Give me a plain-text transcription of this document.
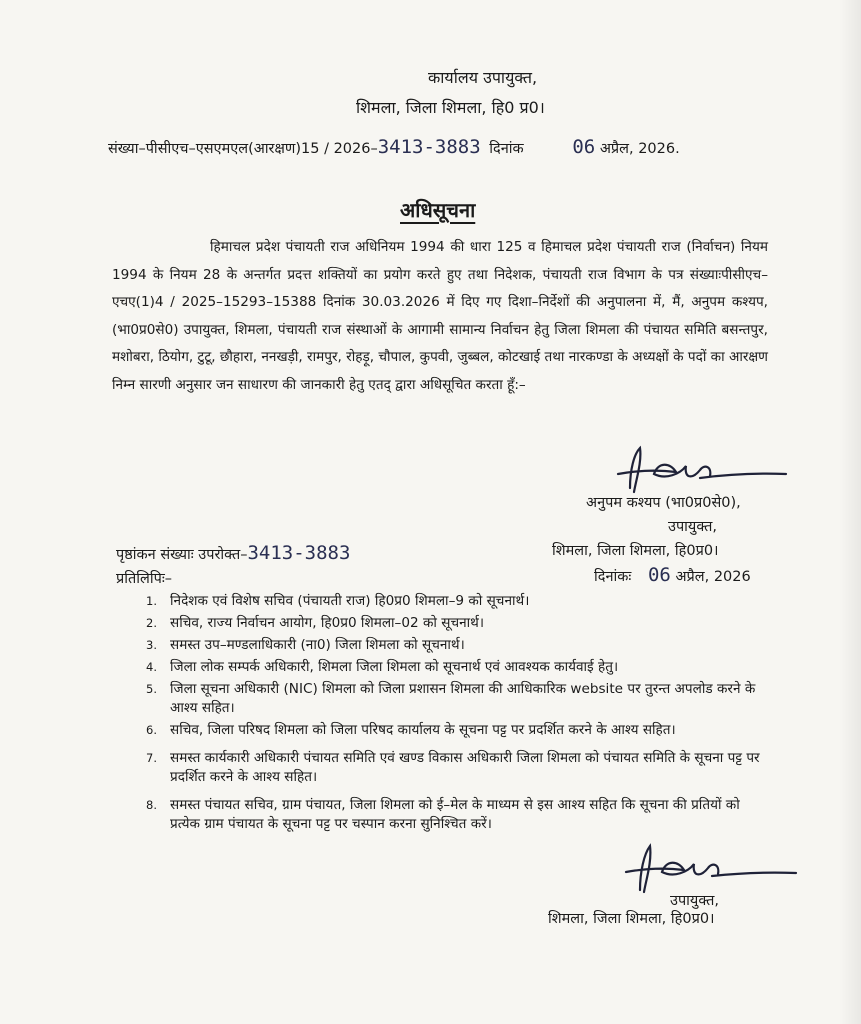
कार्यालय उपायुक्त,

शिमला, जिला शिमला, हि0 प्र0।

संख्या–पीसीएच–एसएमएल(आरक्षण)15 / 2026–3413-3883 दिनांक	06 अप्रैल, 2026.

अधिसूचना

हिमाचल प्रदेश पंचायती राज अधिनियम 1994 की धारा 125 व हिमाचल प्रदेश पंचायती राज (निर्वाचन) नियम 1994 के नियम 28 के अन्तर्गत प्रदत्त शक्तियों का प्रयोग करते हुए तथा निदेशक, पंचायती राज विभाग के पत्र संख्याःपीसीएच–एचए(1)4 / 2025–15293–15388 दिनांक 30.03.2026 में दिए गए दिशा–निर्देशों की अनुपालना में, मैं, अनुपम कश्यप, (भा0प्र0से0) उपायुक्त, शिमला, पंचायती राज संस्थाओं के आगामी सामान्य निर्वाचन हेतु जिला शिमला की पंचायत समिति बसन्तपुर, मशोबरा, ठियोग, टुटू, छौहारा, ननखड़ी, रामपुर, रोहड़ू, चौपाल, कुपवी, जुब्बल, कोटखाई तथा नारकण्डा के अध्यक्षों के पदों का आरक्षण निम्न सारणी अनुसार जन साधारण की जानकारी हेतु एतद् द्वारा अधिसूचित करता हूँ:–

अनुपम कश्यप (भा0प्र0से0),

उपायुक्त,

शिमला, जिला शिमला, हि0प्र0।

दिनांकः 06 अप्रैल, 2026

पृष्ठांकन संख्याः उपरोक्त–3413-3883

प्रतिलिपिः–

1. निदेशक एवं विशेष सचिव (पंचायती राज) हि0प्र0 शिमला–9 को सूचनार्थ।
2. सचिव, राज्य निर्वाचन आयोग, हि0प्र0 शिमला–02 को सूचनार्थ।
3. समस्त उप–मण्डलाधिकारी (ना0) जिला शिमला को सूचनार्थ।
4. जिला लोक सम्पर्क अधिकारी, शिमला जिला शिमला को सूचनार्थ एवं आवश्यक कार्यवाई हेतु।
5. जिला सूचना अधिकारी (NIC) शिमला को जिला प्रशासन शिमला की आधिकारिक website पर तुरन्त अपलोड करने के आश्य सहित।
6. सचिव, जिला परिषद शिमला को जिला परिषद कार्यालय के सूचना पट्ट पर प्रदर्शित करने के आश्य सहित।
7. समस्त कार्यकारी अधिकारी पंचायत समिति एवं खण्ड विकास अधिकारी जिला शिमला को पंचायत समिति के सूचना पट्ट पर प्रदर्शित करने के आश्य सहित।
8. समस्त पंचायत सचिव, ग्राम पंचायत, जिला शिमला को ई–मेल के माध्यम से इस आश्य सहित कि सूचना की प्रतियों को प्रत्येक ग्राम पंचायत के सूचना पट्ट पर चस्पान करना सुनिश्चित करें।

उपायुक्त,

शिमला, जिला शिमला, हि0प्र0।
